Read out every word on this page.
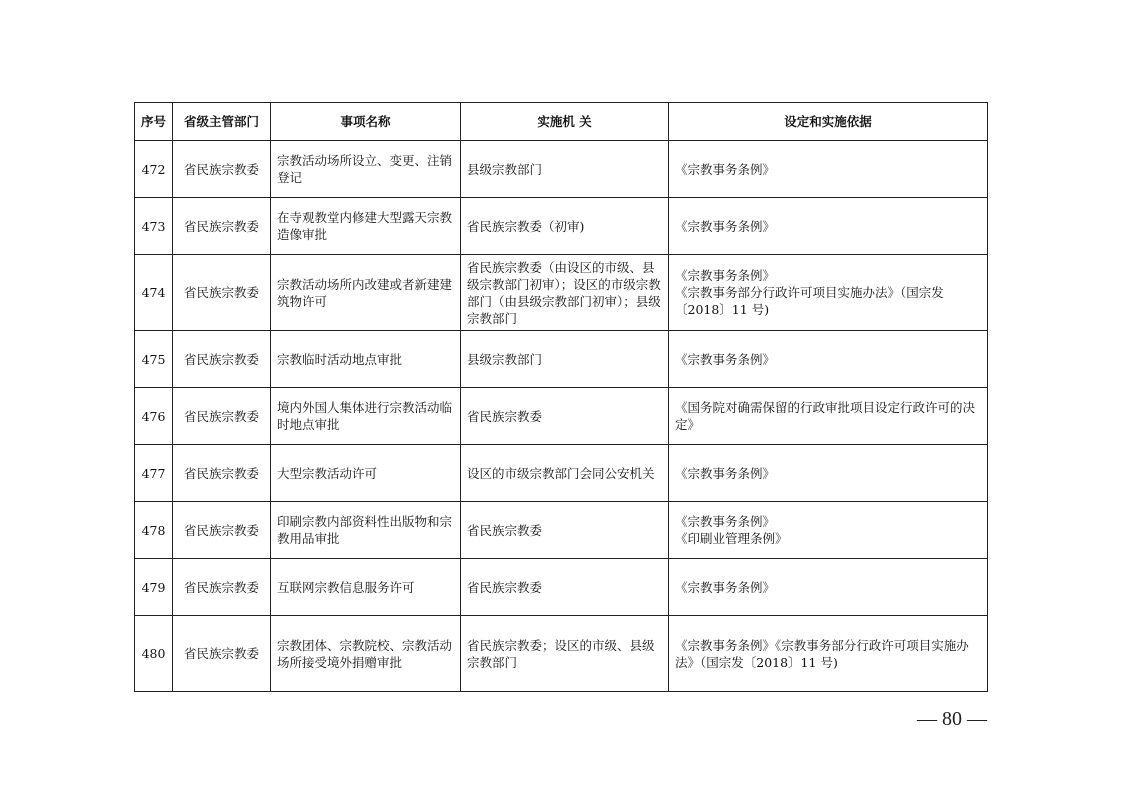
序号	省级主管部门	事项名称	实施机 关	设定和实施依据
472	省民族宗教委	宗教活动场所设立、变更、注销登记	县级宗教部门	《宗教事务条例》
473	省民族宗教委	在寺观教堂内修建大型露天宗教造像审批	省民族宗教委（初审)	《宗教事务条例》
474	省民族宗教委	宗教活动场所内改建或者新建建筑物许可	省民族宗教委（由设区的市级、县级宗教部门初审）；设区的市级宗教部门（由县级宗教部门初审）；县级宗教部门	《宗教事务条例》
《宗教事务部分行政许可项目实施办法》（国宗发〔2018〕11 号)
475	省民族宗教委	宗教临时活动地点审批	县级宗教部门	《宗教事务条例》
476	省民族宗教委	境内外国人集体进行宗教活动临时地点审批	省民族宗教委	《国务院对确需保留的行政审批项目设定行政许可的决定》
477	省民族宗教委	大型宗教活动许可	设区的市级宗教部门会同公安机关	《宗教事务条例》
478	省民族宗教委	印刷宗教内部资料性出版物和宗教用品审批	省民族宗教委	《宗教事务条例》
《印刷业管理条例》
479	省民族宗教委	互联网宗教信息服务许可	省民族宗教委	《宗教事务条例》
480	省民族宗教委	宗教团体、宗教院校、宗教活动场所接受境外捐赠审批	省民族宗教委；设区的市级、县级宗教部门	《宗教事务条例》《宗教事务部分行政许可项目实施办法》（国宗发〔2018〕11 号)
— 80 —
